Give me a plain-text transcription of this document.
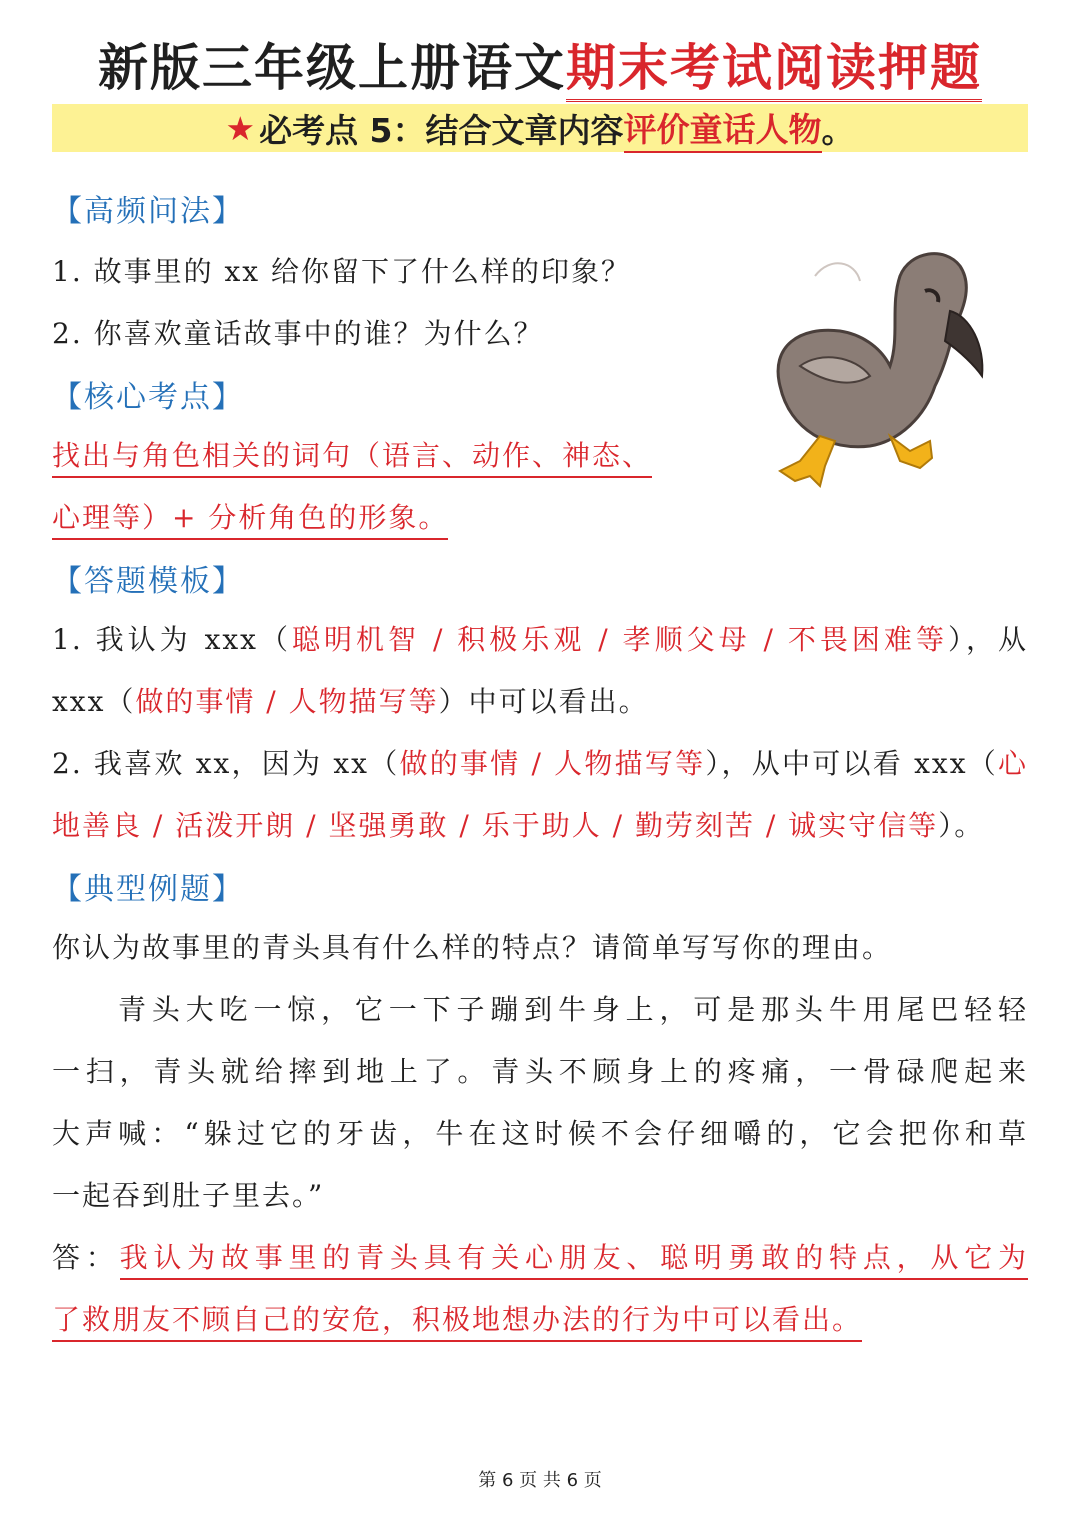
新版三年级上册语文期末考试阅读押题
★ 必考点 5：结合文章内容 评价童话人物 。
【高频问法】
1. 故事里的 xx 给你留下了什么样的印象？
2. 你喜欢童话故事中的谁？为什么？
【核心考点】
找出与角色相关的词句（语言、动作、神态、
心理等）+ 分析角色的形象。
【答题模板】
1. 我认为 xxx（聪明机智 / 积极乐观 / 孝顺父母 / 不畏困难等），从
xxx（做的事情 / 人物描写等）中可以看出。
2. 我喜欢 xx，因为 xx（做的事情 / 人物描写等），从中可以看 xxx（心
地善良 / 活泼开朗 / 坚强勇敢 / 乐于助人 / 勤劳刻苦 / 诚实守信等）。
【典型例题】
你认为故事里的青头具有什么样的特点？请简单写写你的理由。
青头大吃一惊，它一下子蹦到牛身上，可是那头牛用尾巴轻轻
一扫，青头就给摔到地上了。青头不顾身上的疼痛，一骨碌爬起来
大声喊：“躲过它的牙齿，牛在这时候不会仔细嚼的，它会把你和草
一起吞到肚子里去。”
答：我认为故事里的青头具有关心朋友、聪明勇敢的特点，从它为
了救朋友不顾自己的安危，积极地想办法的行为中可以看出。
第 6 页 共 6 页
